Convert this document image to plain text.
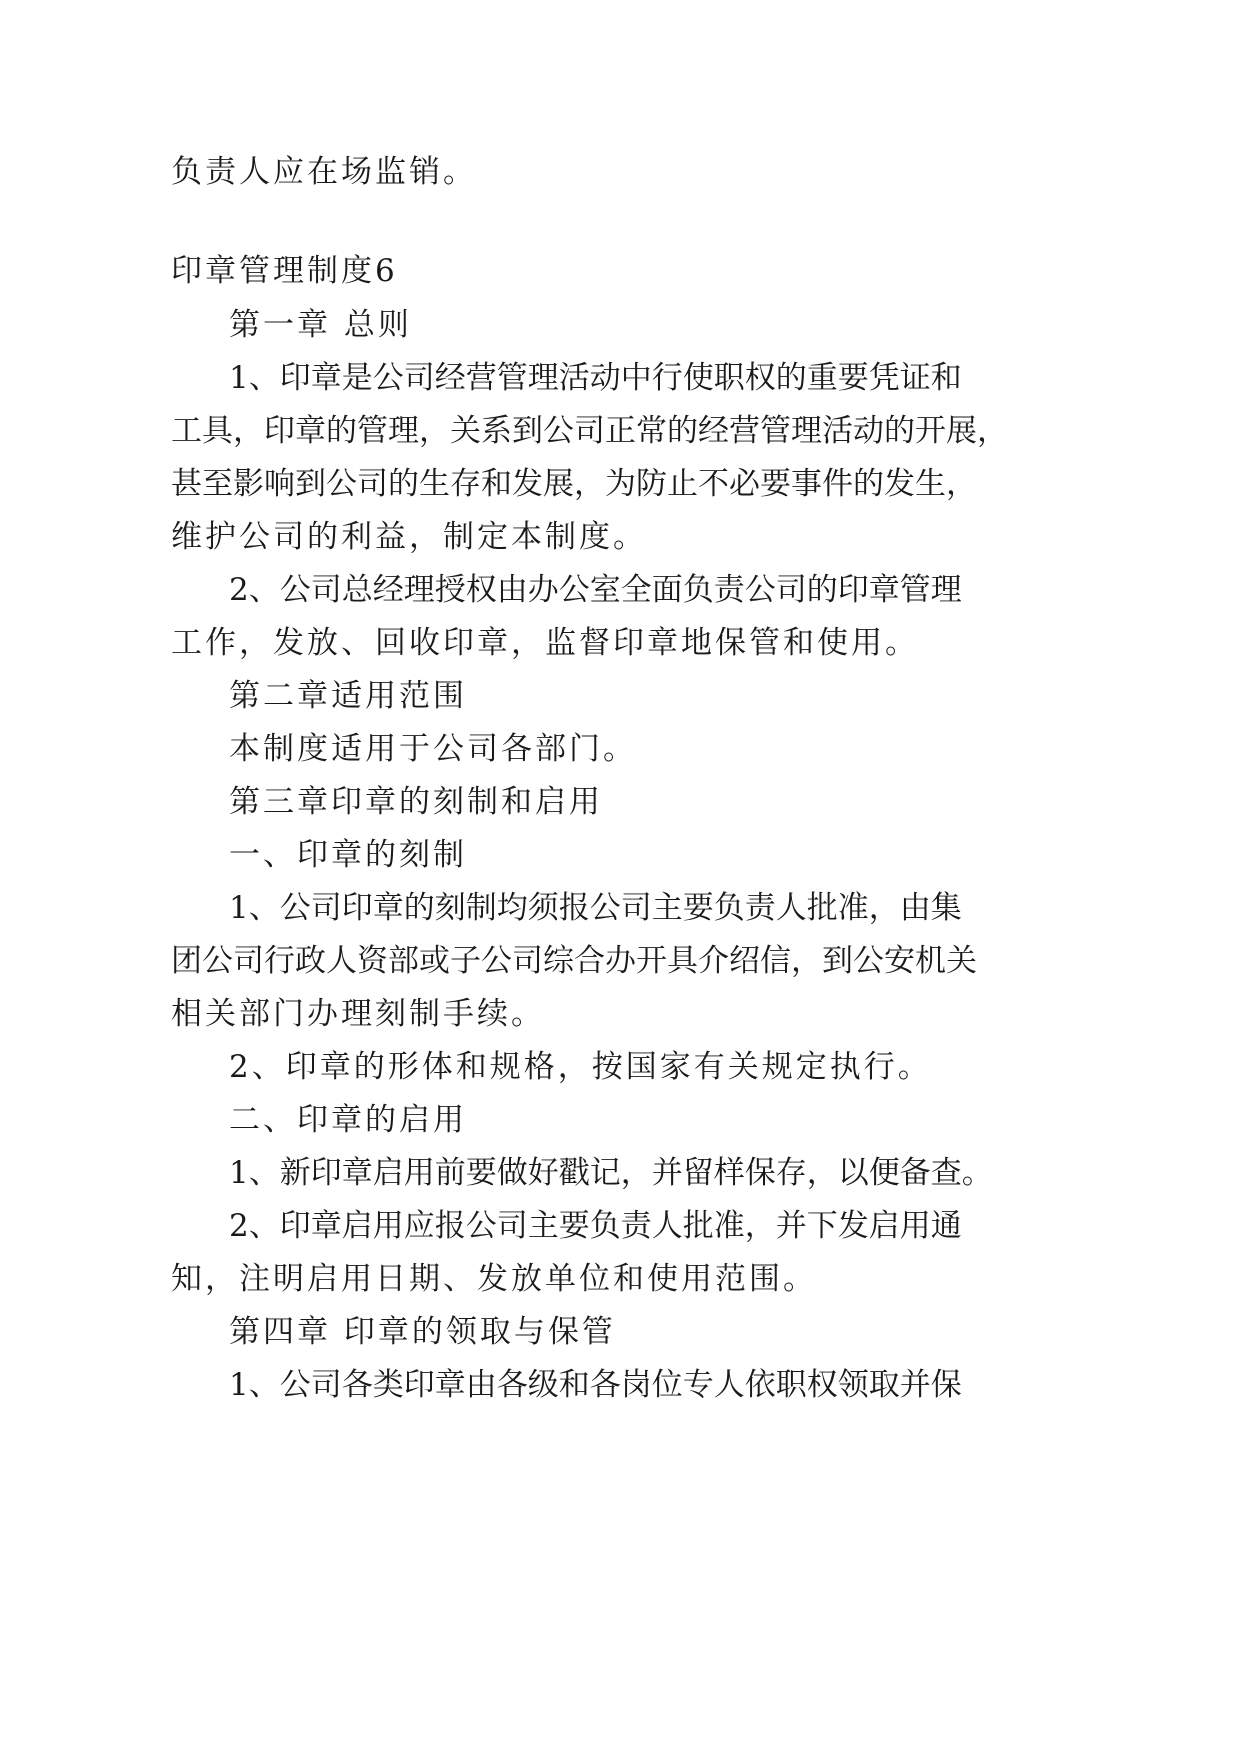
负责人应在场监销。
印章管理制度6
第一章 总则
1、印章是公司经营管理活动中行使职权的重要凭证和
工具，印章的管理，关系到公司正常的经营管理活动的开展，
甚至影响到公司的生存和发展，为防止不必要事件的发生，
维护公司的利益，制定本制度。
2、公司总经理授权由办公室全面负责公司的印章管理
工作，发放、回收印章，监督印章地保管和使用。
第二章适用范围
本制度适用于公司各部门。
第三章印章的刻制和启用
一、印章的刻制
1、公司印章的刻制均须报公司主要负责人批准，由集
团公司行政人资部或子公司综合办开具介绍信，到公安机关
相关部门办理刻制手续。
2、印章的形体和规格，按国家有关规定执行。
二、印章的启用
1、新印章启用前要做好戳记，并留样保存，以便备查。
2、印章启用应报公司主要负责人批准，并下发启用通
知，注明启用日期、发放单位和使用范围。
第四章 印章的领取与保管
1、公司各类印章由各级和各岗位专人依职权领取并保
